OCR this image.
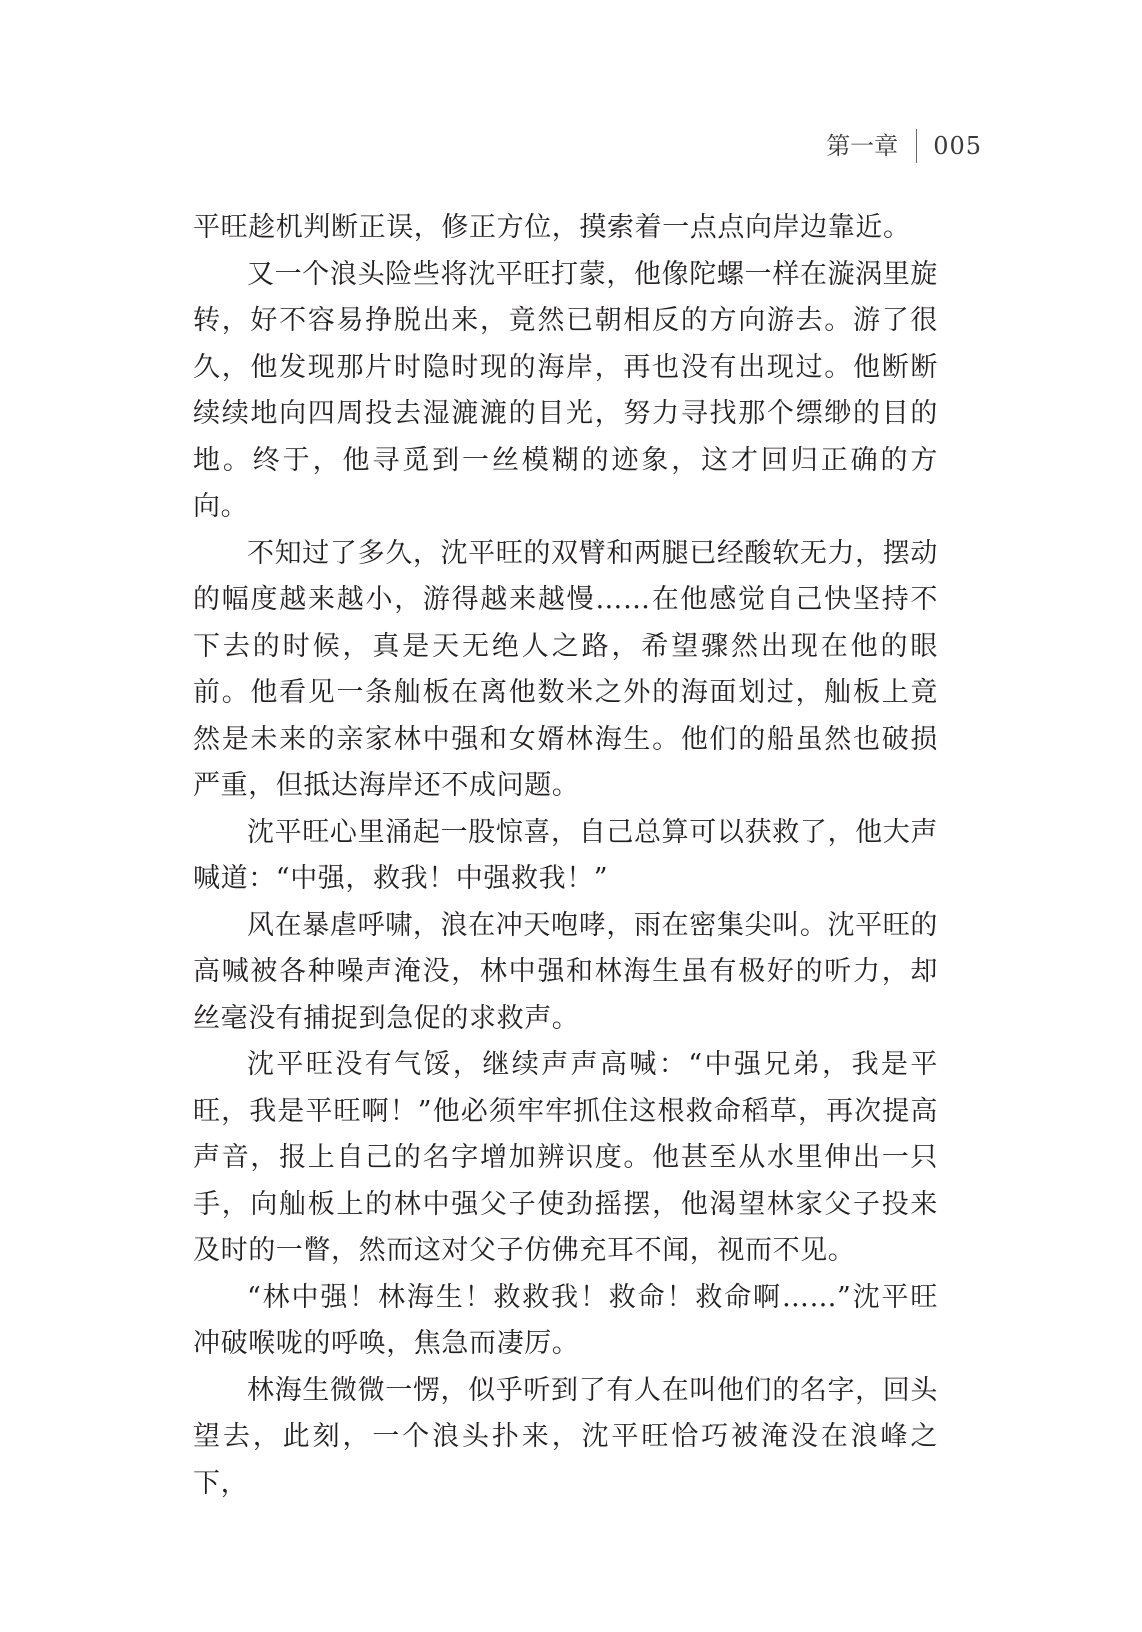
第一章 005

平旺趁机判断正误，修正方位，摸索着一点点向岸边靠近。

又一个浪头险些将沈平旺打蒙，他像陀螺一样在漩涡里旋转，好不容易挣脱出来，竟然已朝相反的方向游去。游了很久，他发现那片时隐时现的海岸，再也没有出现过。他断断续续地向四周投去湿漉漉的目光，努力寻找那个缥缈的目的地。终于，他寻觅到一丝模糊的迹象，这才回归正确的方向。

不知过了多久，沈平旺的双臂和两腿已经酸软无力，摆动的幅度越来越小，游得越来越慢……在他感觉自己快坚持不下去的时候，真是天无绝人之路，希望骤然出现在他的眼前。他看见一条舢板在离他数米之外的海面划过，舢板上竟然是未来的亲家林中强和女婿林海生。他们的船虽然也破损严重，但抵达海岸还不成问题。

沈平旺心里涌起一股惊喜，自己总算可以获救了，他大声喊道：“中强，救我！中强救我！”

风在暴虐呼啸，浪在冲天咆哮，雨在密集尖叫。沈平旺的高喊被各种噪声淹没，林中强和林海生虽有极好的听力，却丝毫没有捕捉到急促的求救声。

沈平旺没有气馁，继续声声高喊：“中强兄弟，我是平旺，我是平旺啊！”他必须牢牢抓住这根救命稻草，再次提高声音，报上自己的名字增加辨识度。他甚至从水里伸出一只手，向舢板上的林中强父子使劲摇摆，他渴望林家父子投来及时的一瞥，然而这对父子仿佛充耳不闻，视而不见。

“林中强！林海生！救救我！救命！救命啊……”沈平旺冲破喉咙的呼唤，焦急而凄厉。

林海生微微一愣，似乎听到了有人在叫他们的名字，回头望去，此刻，一个浪头扑来，沈平旺恰巧被淹没在浪峰之下，
